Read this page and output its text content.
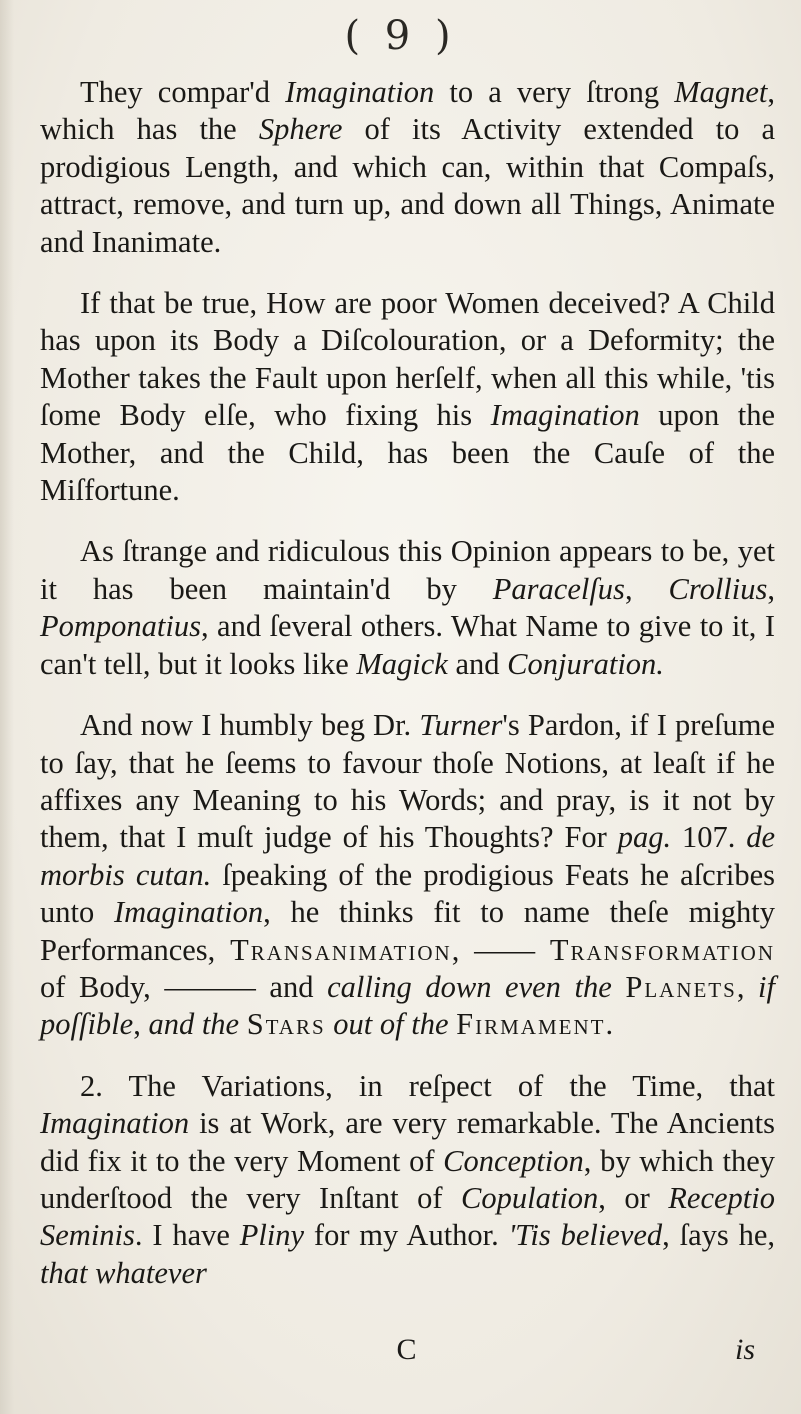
( 9 )

They compar'd Imagination to a very ſtrong Magnet, which has the Sphere of its Activity extended to a prodigious Length, and which can, within that Compaſs, attract, remove, and turn up, and down all Things, Animate and Inanimate.

If that be true, How are poor Women deceived? A Child has upon its Body a Diſcolouration, or a Deformity; the Mother takes the Fault upon herſelf, when all this while, 'tis ſome Body elſe, who fixing his Imagination upon the Mother, and the Child, has been the Cauſe of the Miſfortune.

As ſtrange and ridiculous this Opinion appears to be, yet it has been maintain'd by Paracelſus, Crollius, Pomponatius, and ſeveral others. What Name to give to it, I can't tell, but it looks like Magick and Conjuration.

And now I humbly beg Dr. Turner's Pardon, if I preſume to ſay, that he ſeems to favour thoſe Notions, at leaſt if he affixes any Meaning to his Words; and pray, is it not by them, that I muſt judge of his Thoughts? For pag. 107. de morbis cutan. ſpeaking of the prodigious Feats he aſcribes unto Imagination, he thinks fit to name theſe mighty Performances, Transanimation, —— Transformation of Body, ——— and calling down even the Planets, if poſſible, and the Stars out of the Firmament.

2. The Variations, in reſpect of the Time, that Imagination is at Work, are very remarkable. The Ancients did fix it to the very Moment of Conception, by which they underſtood the very Inſtant of Copulation, or Receptio Seminis. I have Pliny for my Author. 'Tis believed, ſays he, that whatever

C	is
